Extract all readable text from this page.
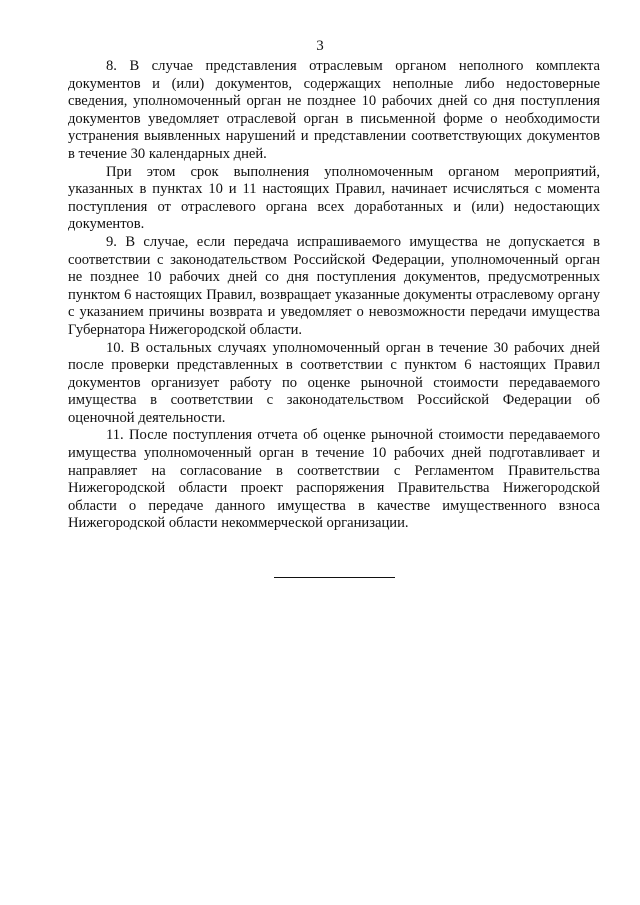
3

8. В случае представления отраслевым органом неполного комплекта документов и (или) документов, содержащих неполные либо недостоверные сведения, уполномоченный орган не позднее 10 рабочих дней со дня поступления документов уведомляет отраслевой орган в письменной форме о необходимости устранения выявленных нарушений и представлении соответствующих документов в течение 30 календарных дней.

При этом срок выполнения уполномоченным органом мероприятий, указанных в пунктах 10 и 11 настоящих Правил, начинает исчисляться с момента поступления от отраслевого органа всех доработанных и (или) недостающих документов.

9. В случае, если передача испрашиваемого имущества не допускается в соответствии с законодательством Российской Федерации, уполномоченный орган не позднее 10 рабочих дней со дня поступления документов, предусмотренных пунктом 6 настоящих Правил, возвращает указанные документы отраслевому органу с указанием причины возврата и уведомляет о невозможности передачи имущества Губернатора Нижегородской области.

10. В остальных случаях уполномоченный орган в течение 30 рабочих дней после проверки представленных в соответствии с пунктом 6 настоящих Правил документов организует работу по оценке рыночной стоимости передаваемого имущества в соответствии с законодательством Российской Федерации об оценочной деятельности.

11. После поступления отчета об оценке рыночной стоимости передаваемого имущества уполномоченный орган в течение 10 рабочих дней подготавливает и направляет на согласование в соответствии с Регламентом Правительства Нижегородской области проект распоряжения Правительства Нижегородской области о передаче данного имущества в качестве имущественного взноса Нижегородской области некоммерческой организации.
